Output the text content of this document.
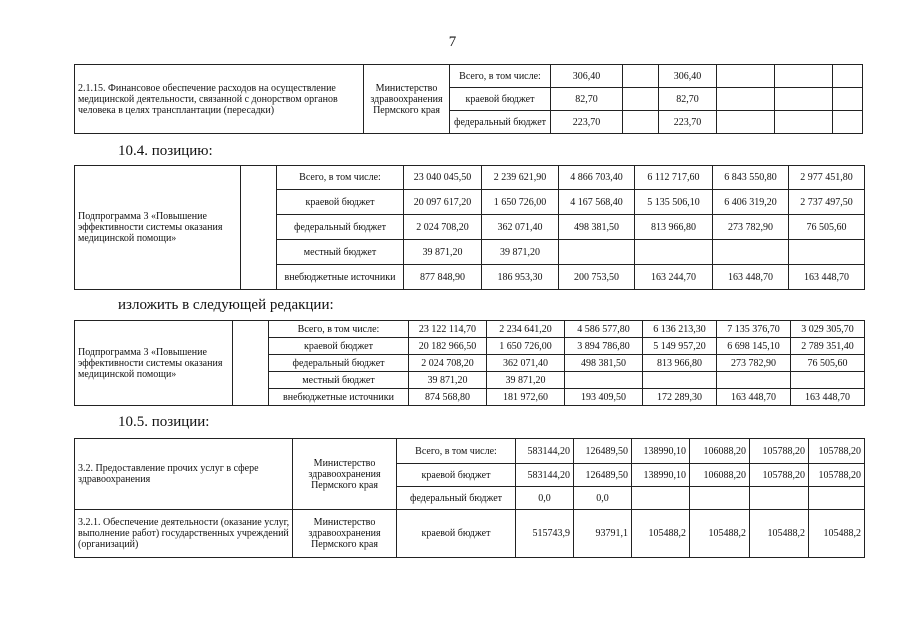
7
2.1.15. Финансовое обеспечение расходов на осуществление медицинской деятельности, связанной с донорством органов человека в целях трансплантации (пересадки)	Министерство здравоохранения Пермского края	Всего, в том числе:	306,40		306,40			
		краевой бюджет	82,70		82,70			
		федеральный бюджет	223,70		223,70			
10.4. позицию:
Подпрограмма 3 «Повышение эффективности системы оказания медицинской помощи»		Всего, в том числе:	23 040 045,50	2 239 621,90	4 866 703,40	6 112 717,60	6 843 550,80	2 977 451,80
		краевой бюджет	20 097 617,20	1 650 726,00	4 167 568,40	5 135 506,10	6 406 319,20	2 737 497,50
		федеральный бюджет	2 024 708,20	362 071,40	498 381,50	813 966,80	273 782,90	76 505,60
		местный бюджет	39 871,20	39 871,20				
		внебюджетные источники	877 848,90	186 953,30	200 753,50	163 244,70	163 448,70	163 448,70
изложить в следующей редакции:
Подпрограмма 3 «Повышение эффективности системы оказания медицинской помощи»		Всего, в том числе:	23 122 114,70	2 234 641,20	4 586 577,80	6 136 213,30	7 135 376,70	3 029 305,70
		краевой бюджет	20 182 966,50	1 650 726,00	3 894 786,80	5 149 957,20	6 698 145,10	2 789 351,40
		федеральный бюджет	2 024 708,20	362 071,40	498 381,50	813 966,80	273 782,90	76 505,60
		местный бюджет	39 871,20	39 871,20				
		внебюджетные источники	874 568,80	181 972,60	193 409,50	172 289,30	163 448,70	163 448,70
10.5. позиции:
3.2. Предоставление прочих услуг в сфере здравоохранения	Министерство здравоохранения Пермского края	Всего, в том числе:	583144,20	126489,50	138990,10	106088,20	105788,20	105788,20
		краевой бюджет	583144,20	126489,50	138990,10	106088,20	105788,20	105788,20
		федеральный бюджет	0,0	0,0				
3.2.1. Обеспечение деятельности (оказание услуг, выполнение работ) государственных учреждений (организаций)	Министерство здравоохранения Пермского края	краевой бюджет	515743,9	93791,1	105488,2	105488,2	105488,2	105488,2
